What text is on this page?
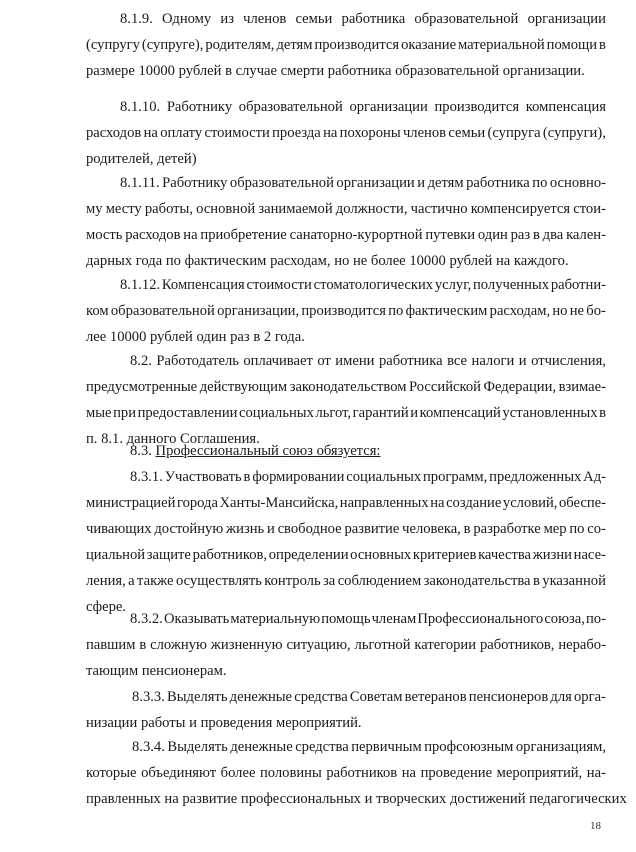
8.1.9. Одному из членов семьи работника образовательной организации
(супругу (супруге), родителям, детям производится оказание материальной помощи в
размере 10000 рублей в случае смерти работника образовательной организации.
8.1.10. Работнику образовательной организации производится компенсация
расходов на оплату стоимости проезда на похороны членов семьи (супруга (супруги),
родителей, детей)
8.1.11. Работнику образовательной организации и детям работника по основно-
му месту работы, основной занимаемой должности, частично компенсируется стои-
мость расходов на приобретение санаторно-курортной путевки один раз в два кален-
дарных года по фактическим расходам, но не более 10000 рублей на каждого.
8.1.12. Компенсация стоимости стоматологических услуг, полученных работни-
ком образовательной организации, производится по фактическим расходам, но не бо-
лее 10000 рублей один раз в 2 года.
8.2. Работодатель оплачивает от имени работника все налоги и отчисления,
предусмотренные действующим законодательством Российской Федерации, взимае-
мые при предоставлении социальных льгот, гарантий и компенсаций установленных в
п. 8.1. данного Соглашения.
8.3. Профессиональный союз обязуется:
8.3.1. Участвовать в формировании социальных программ, предложенных Ад-
министрацией города Ханты-Мансийска, направленных на создание условий, обеспе-
чивающих достойную жизнь и свободное развитие человека, в разработке мер по со-
циальной защите работников, определении основных критериев качества жизни насе-
ления, а также осуществлять контроль за соблюдением законодательства в указанной
сфере.
8.3.2. Оказывать материальную помощь членам Профессионального союза, по-
павшим в сложную жизненную ситуацию, льготной категории работников, нерабо-
тающим пенсионерам.
8.3.3. Выделять денежные средства Советам ветеранов пенсионеров для орга-
низации работы и проведения мероприятий.
8.3.4. Выделять денежные средства первичным профсоюзным организациям,
которые объединяют более половины работников на проведение мероприятий, на-
правленных на развитие профессиональных и творческих достижений педагогических
18
